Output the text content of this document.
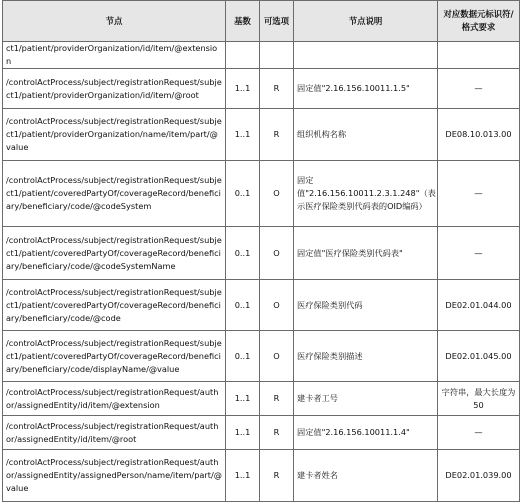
节点	基数	可选项	节点说明	对应数据元标识符/格式要求
ct1/patient/providerOrganization/id/item/@extension				
/controlActProcess/subject/registrationRequest/subject1/patient/providerOrganization/id/item/@root	1..1	R	固定值"2.16.156.10011.1.5"	—
/controlActProcess/subject/registrationRequest/subject1/patient/providerOrganization/name/item/part/@value	1..1	R	组织机构名称	DE08.10.013.00
/controlActProcess/subject/registrationRequest/subject1/patient/coveredPartyOf/coverageRecord/beneficiary/beneficiary/code/@codeSystem	0..1	O	固定值"2.16.156.10011.2.3.1.248"（表示医疗保险类别代码表的OID编码）	—
/controlActProcess/subject/registrationRequest/subject1/patient/coveredPartyOf/coverageRecord/beneficiary/beneficiary/code/@codeSystemName	0..1	O	固定值"医疗保险类别代码表"	—
/controlActProcess/subject/registrationRequest/subject1/patient/coveredPartyOf/coverageRecord/beneficiary/beneficiary/code/@code	0..1	O	医疗保险类别代码	DE02.01.044.00
/controlActProcess/subject/registrationRequest/subject1/patient/coveredPartyOf/coverageRecord/beneficiary/beneficiary/code/displayName/@value	0..1	O	医疗保险类别描述	DE02.01.045.00
/controlActProcess/subject/registrationRequest/author/assignedEntity/id/item/@extension	1..1	R	建卡者工号	字符串，最大长度为50
/controlActProcess/subject/registrationRequest/author/assignedEntity/id/item/@root	1..1	R	固定值"2.16.156.10011.1.4"	—
/controlActProcess/subject/registrationRequest/author/assignedEntity/assignedPerson/name/item/part/@value	1..1	R	建卡者姓名	DE02.01.039.00
